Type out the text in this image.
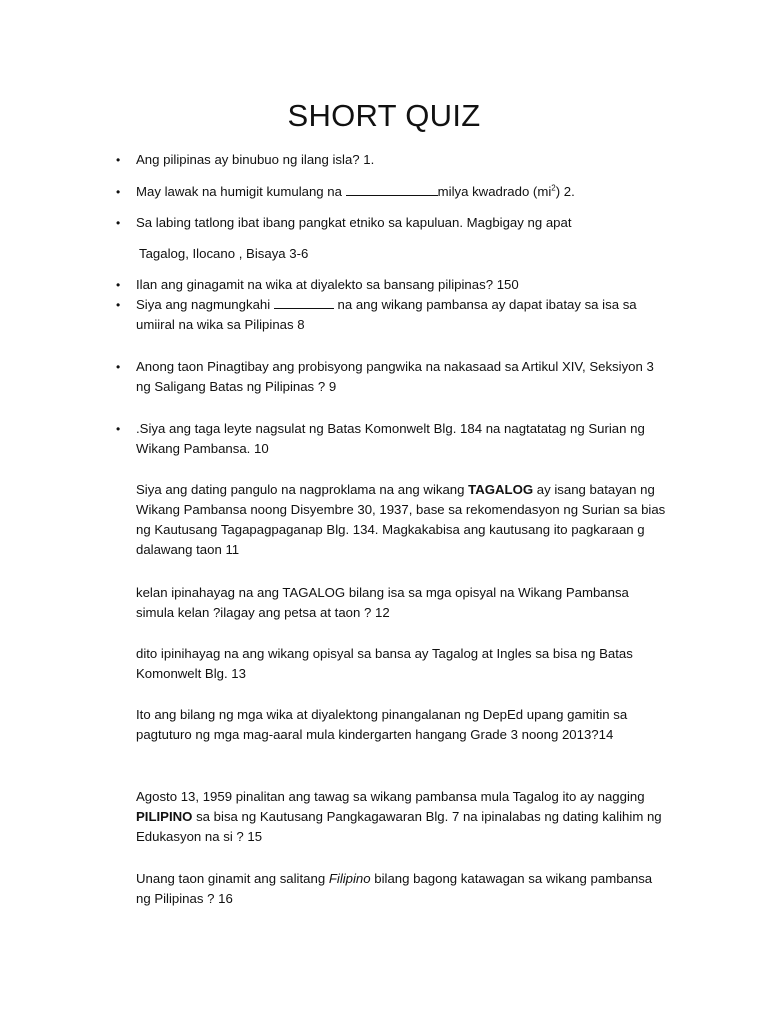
SHORT QUIZ
• Ang pilipinas ay binubuo ng ilang isla? 1.
• May lawak na humigit kumulang na	milya kwadrado $(mi^2)$ 2.
• Sa labing tatlong ibat ibang pangkat etniko sa kapuluan. Magbigay ng apat
Tagalog, Ilocano , Bisaya 3-6
• Ilan ang ginagamit na wika at diyalekto sa bansang pilipinas? 150
• Siya ang nagmungkahi	na ang wikang pambansa ay dapat ibatay sa isa sa
umiiral na wika sa Pilipinas 8
• Anong taon Pinagtibay ang probisyong pangwika na nakasaad sa Artikul XIV, Seksiyon 3
ng Saligang Batas ng Pilipinas ? 9
• .Siya ang taga leyte nagsulat ng Batas Komonwelt Blg. 184 na nagtatatag ng Surian ng
Wikang Pambansa. 10
Siya ang dating pangulo na nagproklama na ang wikang TAGALOG ay isang batayan ng
Wikang Pambansa noong Disyembre 30, 1937, base sa rekomendasyon ng Surian sa bias
ng Kautusang Tagapagpaganap Blg. 134. Magkakabisa ang kautusang ito pagkaraan g
dalawang taon 11
kelan ipinahayag na ang TAGALOG bilang isa sa mga opisyal na Wikang Pambansa
simula kelan ?ilagay ang petsa at taon ? 12
dito ipinihayag na ang wikang opisyal sa bansa ay Tagalog at Ingles sa bisa ng Batas
Komonwelt Blg. 13
Ito ang bilang ng mga wika at diyalektong pinangalanan ng DepEd upang gamitin sa
pagtuturo ng mga mag-aaral mula kindergarten hangang Grade 3 noong 2013?14
Agosto 13, 1959 pinalitan ang tawag sa wikang pambansa mula Tagalog ito ay nagging
PILIPINO sa bisa ng Kautusang Pangkagawaran Blg. 7 na ipinalabas ng dating kalihim ng
Edukasyon na si ? 15
Unang taon ginamit ang salitang Filipino bilang bagong katawagan sa wikang pambansa
ng Pilipinas ? 16
